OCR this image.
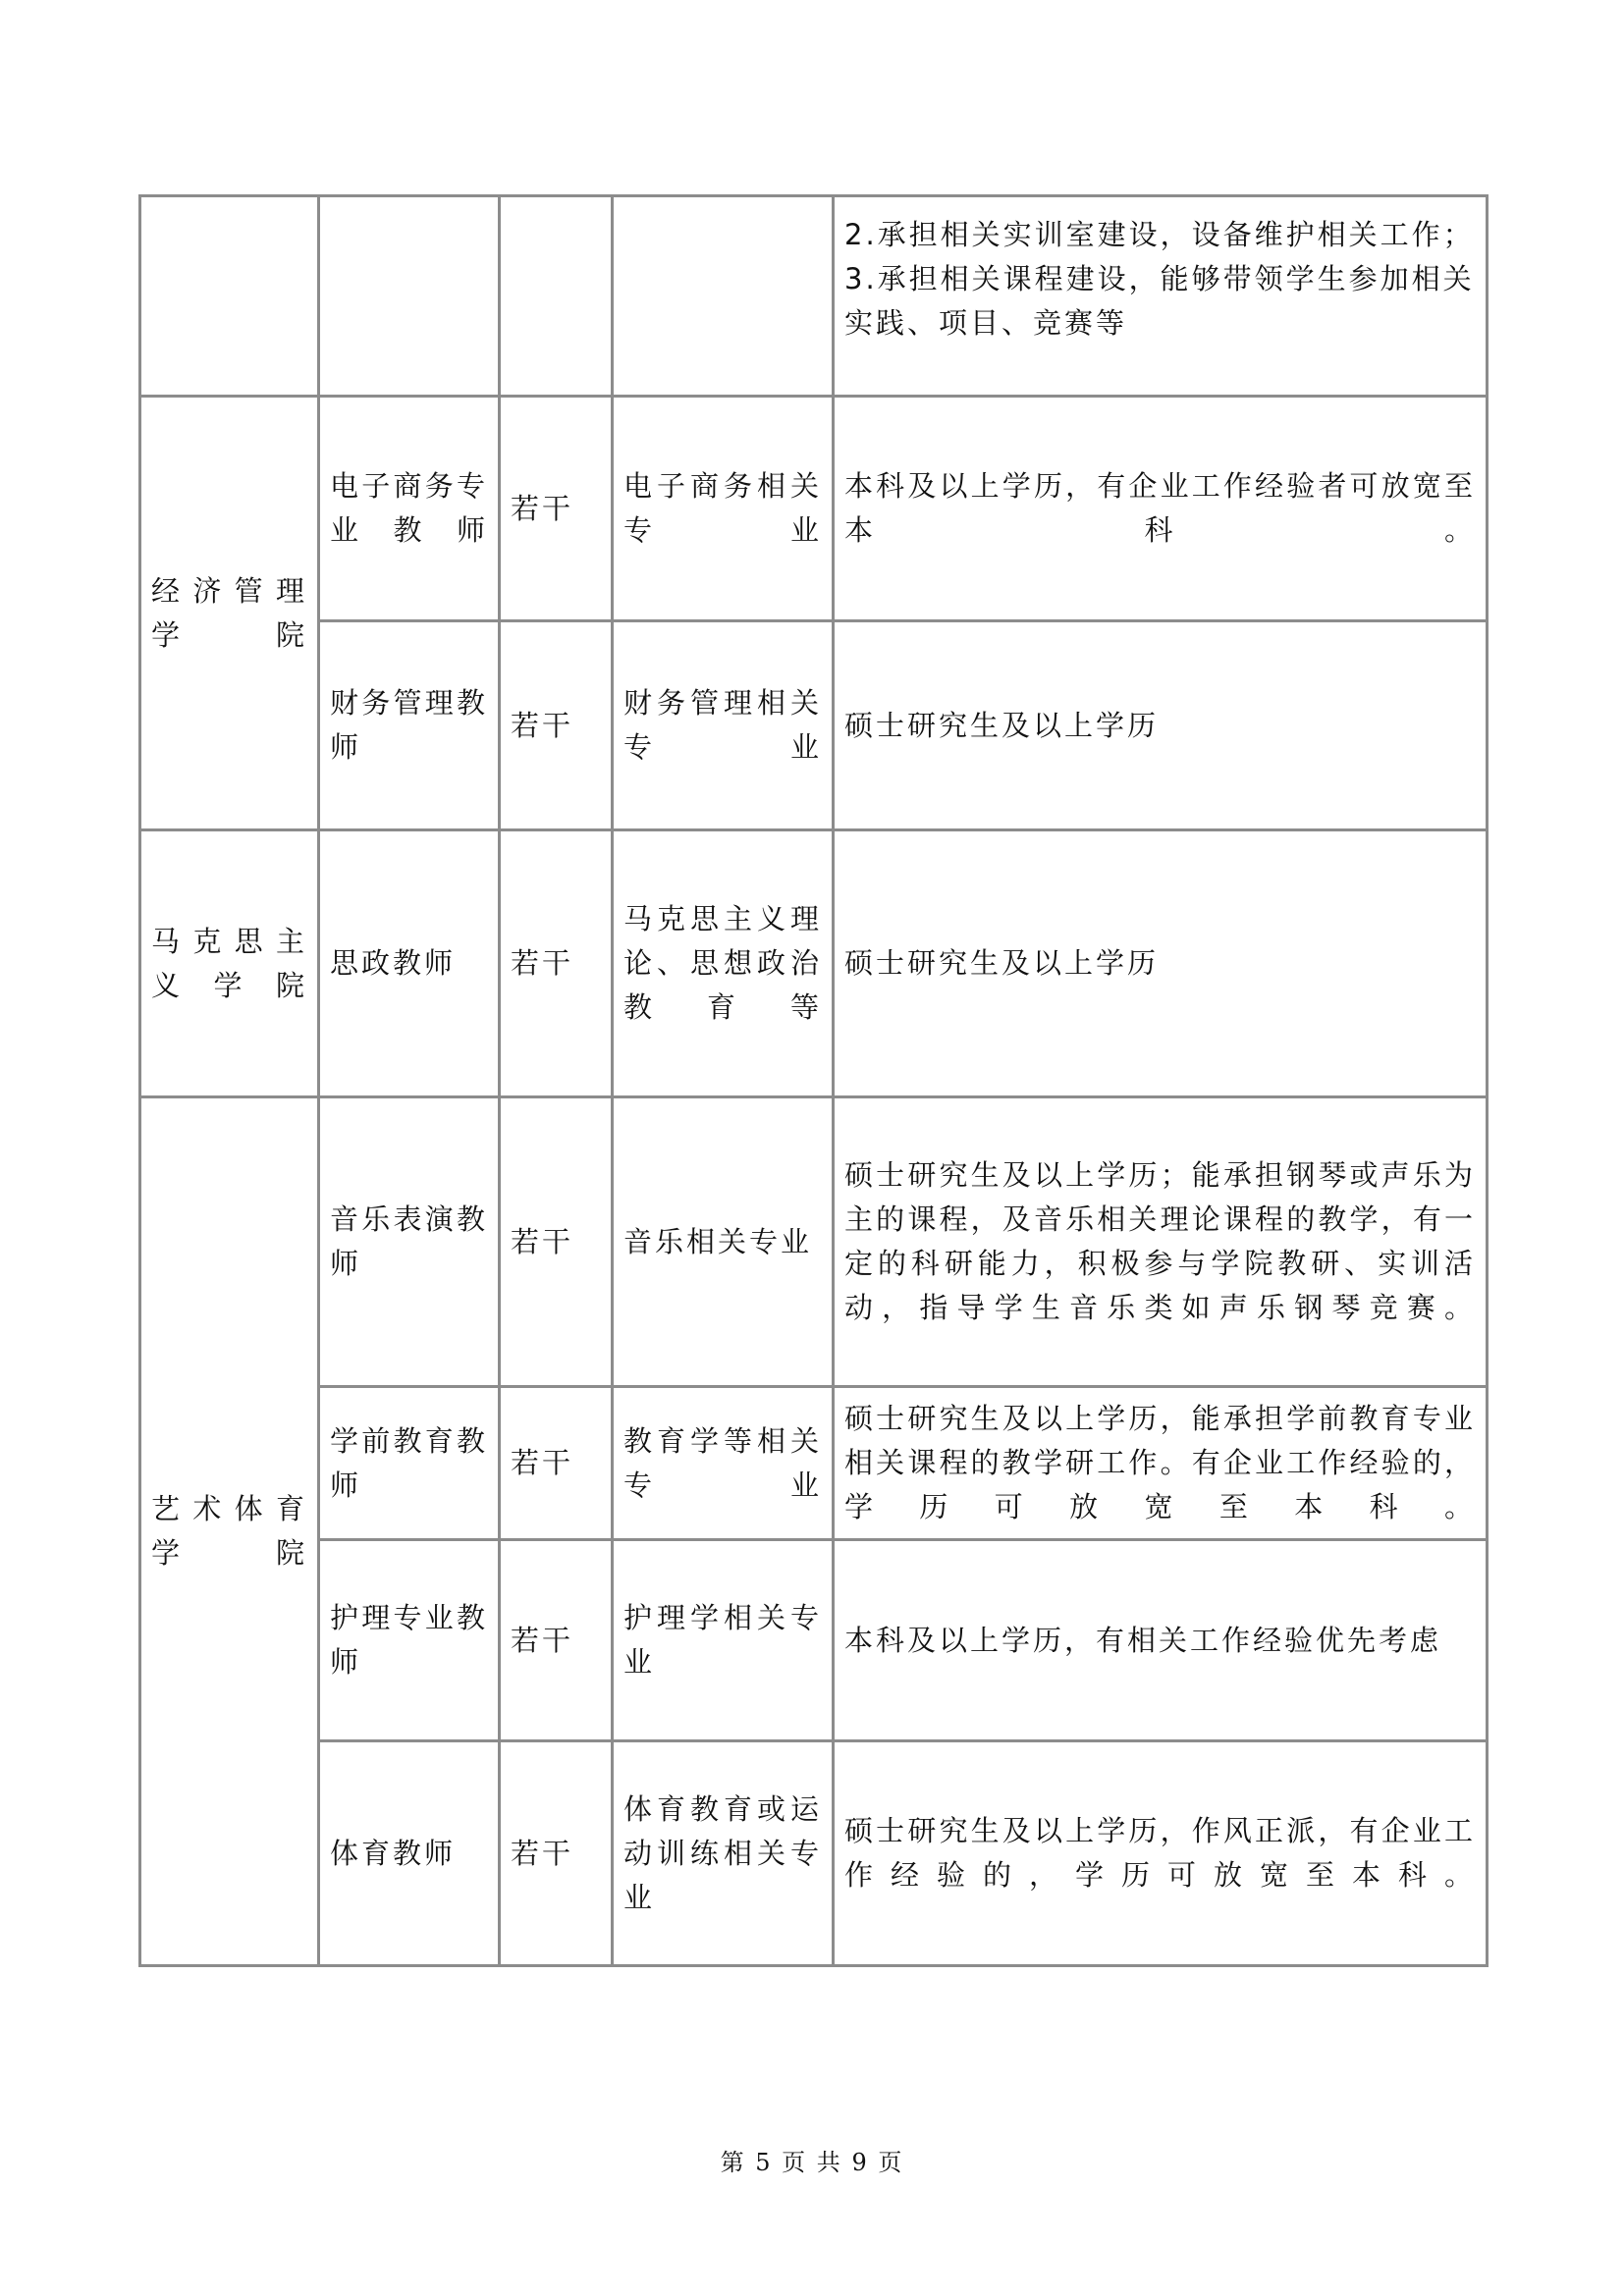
				2.承担相关实训室建设，设备维护相关工作；
3.承担相关课程建设，能够带领学生参加相关实践、项目、竞赛等

经济管理学院	电子商务专业教师	若干	电子商务相关专业	本科及以上学历，有企业工作经验者可放宽至本科。
	财务管理教师	若干	财务管理相关专业	硕士研究生及以上学历
马克思主义学院	思政教师	若干	马克思主义理论、思想政治教育等	硕士研究生及以上学历
艺术体育学院	音乐表演教师	若干	音乐相关专业	硕士研究生及以上学历；能承担钢琴或声乐为主的课程，及音乐相关理论课程的教学，有一定的科研能力，积极参与学院教研、实训活动，指导学生音乐类如声乐钢琴竞赛。
	学前教育教师	若干	教育学等相关专业	硕士研究生及以上学历，能承担学前教育专业相关课程的教学研工作。有企业工作经验的，学历可放宽至本科。
	护理专业教师	若干	护理学相关专业	本科及以上学历，有相关工作经验优先考虑
	体育教师	若干	体育教育或运动训练相关专业	硕士研究生及以上学历，作风正派，有企业工作经验的，学历可放宽至本科。
第 5 页 共 9 页
